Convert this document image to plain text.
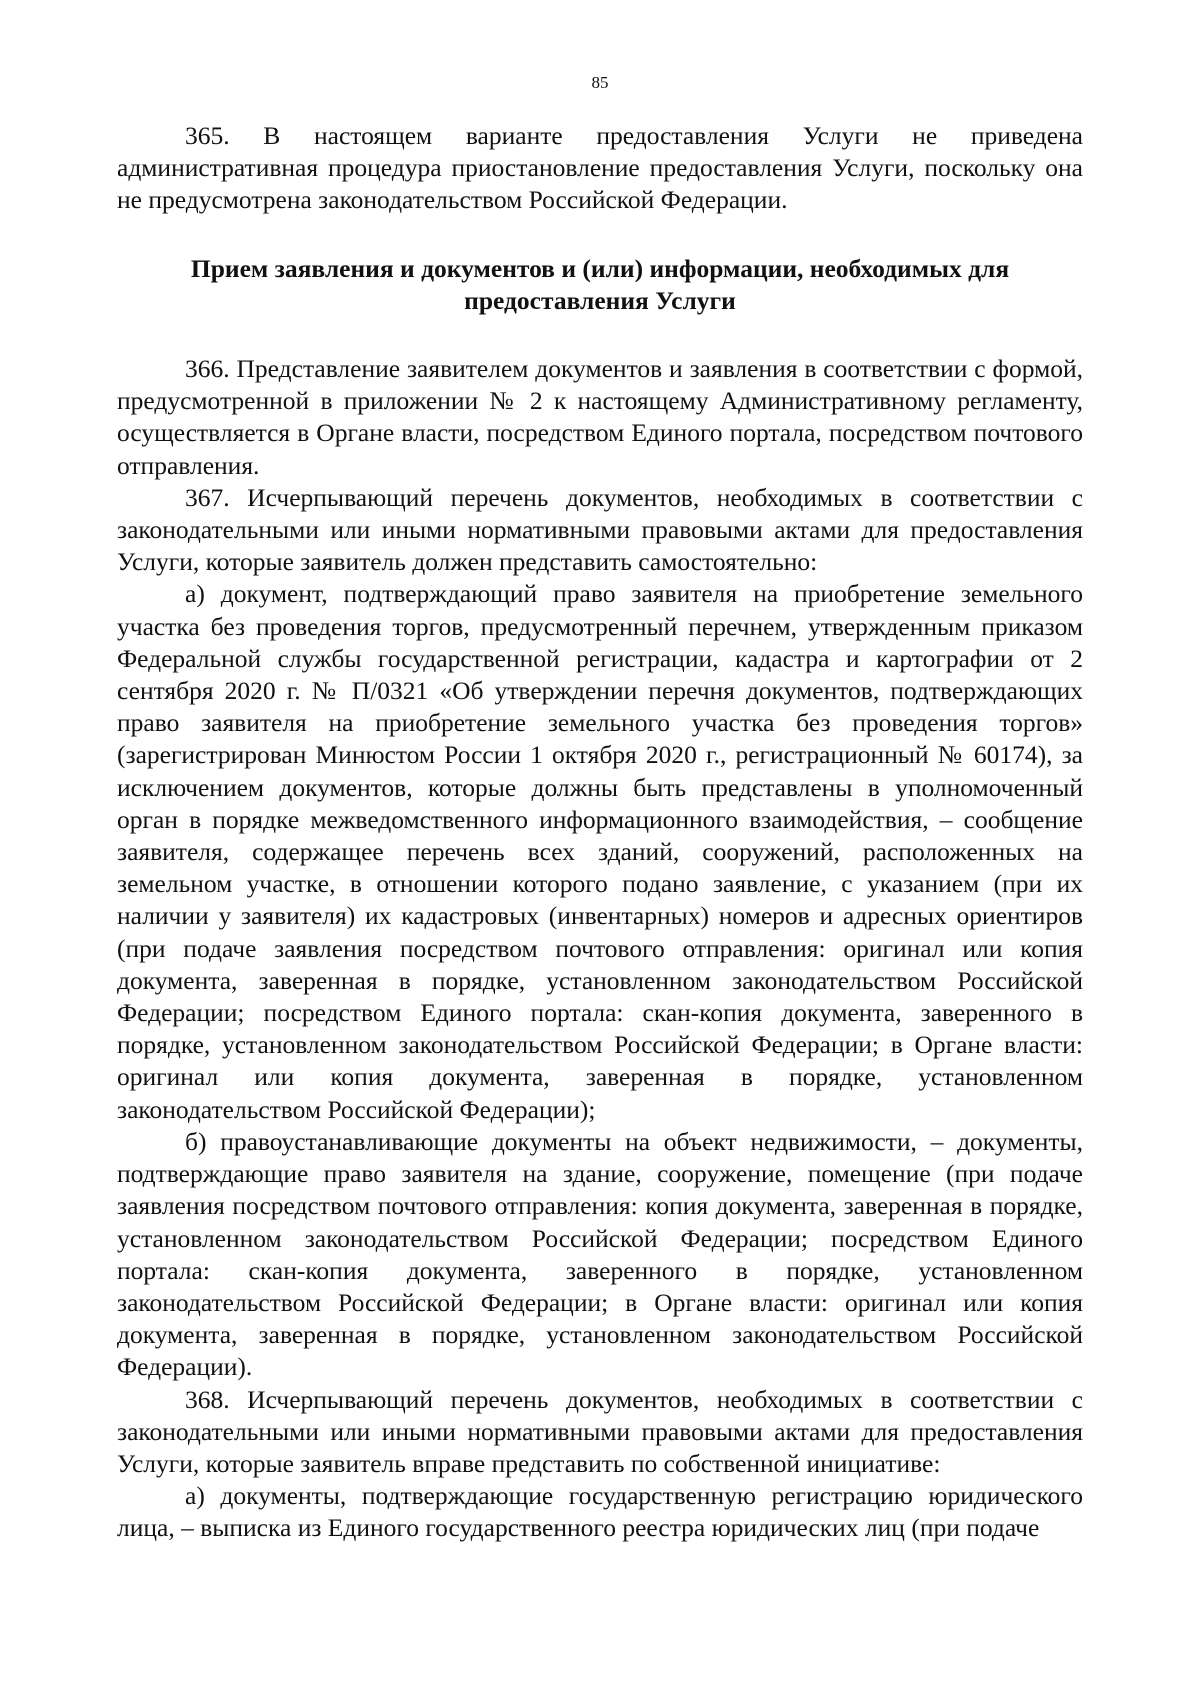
85

365. В настоящем варианте предоставления Услуги не приведена административная процедура приостановление предоставления Услуги, поскольку она не предусмотрена законодательством Российской Федерации.

Прием заявления и документов и (или) информации, необходимых для
предоставления Услуги

366. Представление заявителем документов и заявления в соответствии с формой, предусмотренной в приложении № 2 к настоящему Административному регламенту, осуществляется в Органе власти, посредством Единого портала, посредством почтового отправления.

367. Исчерпывающий перечень документов, необходимых в соответствии с законодательными или иными нормативными правовыми актами для предоставления Услуги, которые заявитель должен представить самостоятельно:

а) документ, подтверждающий право заявителя на приобретение земельного участка без проведения торгов, предусмотренный перечнем, утвержденным приказом Федеральной службы государственной регистрации, кадастра и картографии от 2 сентября 2020 г. № П/0321 «Об утверждении перечня документов, подтверждающих право заявителя на приобретение земельного участка без проведения торгов» (зарегистрирован Минюстом России 1 октября 2020 г., регистрационный № 60174), за исключением документов, которые должны быть представлены в уполномоченный орган в порядке межведомственного информационного взаимодействия, – сообщение заявителя, содержащее перечень всех зданий, сооружений, расположенных на земельном участке, в отношении которого подано заявление, с указанием (при их наличии у заявителя) их кадастровых (инвентарных) номеров и адресных ориентиров (при подаче заявления посредством почтового отправления: оригинал или копия документа, заверенная в порядке, установленном законодательством Российской Федерации; посредством Единого портала: скан-копия документа, заверенного в порядке, установленном законодательством Российской Федерации; в Органе власти: оригинал или копия документа, заверенная в порядке, установленном законодательством Российской Федерации);

б) правоустанавливающие документы на объект недвижимости, – документы, подтверждающие право заявителя на здание, сооружение, помещение (при подаче заявления посредством почтового отправления: копия документа, заверенная в порядке, установленном законодательством Российской Федерации; посредством Единого портала: скан-копия документа, заверенного в порядке, установленном законодательством Российской Федерации; в Органе власти: оригинал или копия документа, заверенная в порядке, установленном законодательством Российской Федерации).

368. Исчерпывающий перечень документов, необходимых в соответствии с законодательными или иными нормативными правовыми актами для предоставления Услуги, которые заявитель вправе представить по собственной инициативе:

а) документы, подтверждающие государственную регистрацию юридического лица, – выписка из Единого государственного реестра юридических лиц (при подаче
